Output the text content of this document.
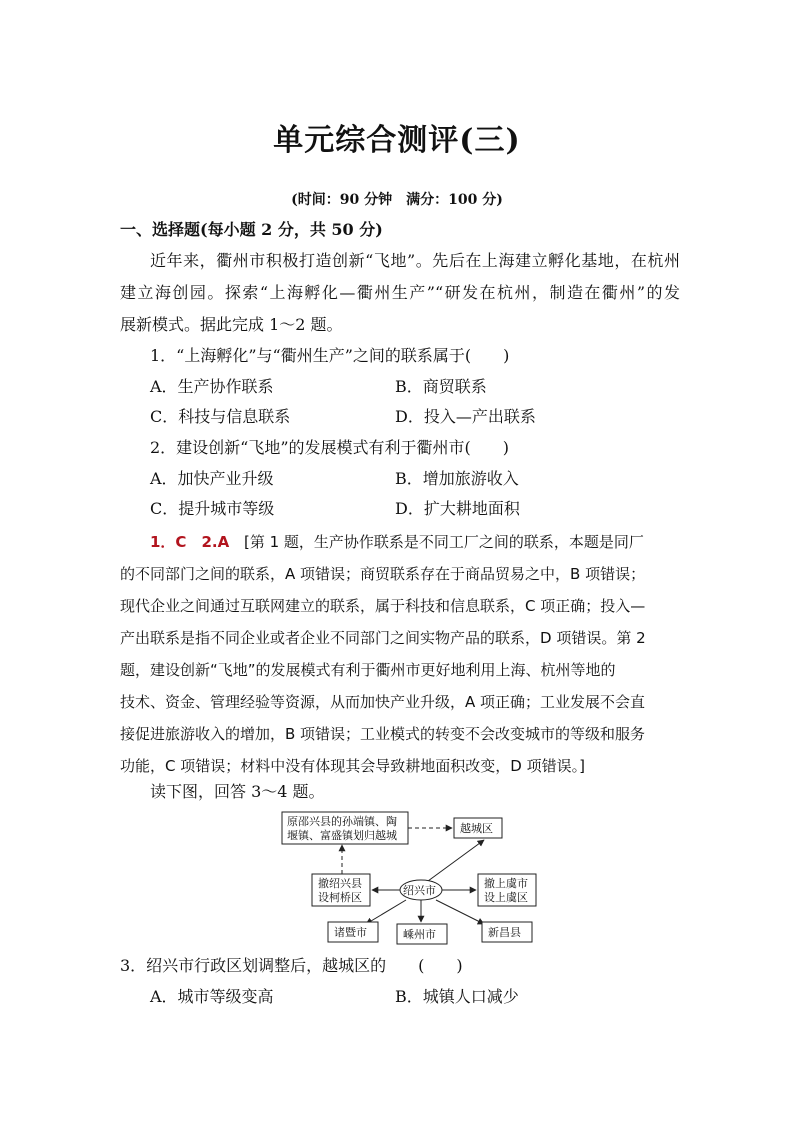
单元综合测评(三)
(时间：90 分钟　满分：100 分)
一、选择题(每小题 2 分，共 50 分)
近年来，衢州市积极打造创新“飞地”。先后在上海建立孵化基地，在杭州
建立海创园。探索“上海孵化—衢州生产”“研发在杭州，制造在衢州”的发
展新模式。据此完成 1～2 题。
1．“上海孵化”与“衢州生产”之间的联系属于(　　)
A．生产协作联系	B．商贸联系
C．科技与信息联系	D．投入—产出联系
2．建设创新“飞地”的发展模式有利于衢州市(　　)
A．加快产业升级	B．增加旅游收入
C．提升城市等级	D．扩大耕地面积
1．C　2.A [第 1 题，生产协作联系是不同工厂之间的联系，本题是同厂
的不同部门之间的联系，A 项错误；商贸联系存在于商品贸易之中，B 项错误；
现代企业之间通过互联网建立的联系，属于科技和信息联系，C 项正确；投入—
产出联系是指不同企业或者企业不同部门之间实物产品的联系，D 项错误。第 2
题，建设创新“飞地”的发展模式有利于衢州市更好地利用上海、杭州等地的
技术、资金、管理经验等资源，从而加快产业升级，A 项正确；工业发展不会直
接促进旅游收入的增加，B 项错误；工业模式的转变不会改变城市的等级和服务
功能，C 项错误；材料中没有体现其会导致耕地面积改变，D 项错误。]
读下图，回答 3～4 题。
原邵兴县的孙端镇、陶
堰镇、富盛镇划归越城
越城区
绍兴市
撤绍兴县
设柯桥区
撤上虞市
设上虞区
诸暨市	嵊州市	新昌县
3．绍兴市行政区划调整后，越城区的　　(　　)
A．城市等级变高	B．城镇人口减少
